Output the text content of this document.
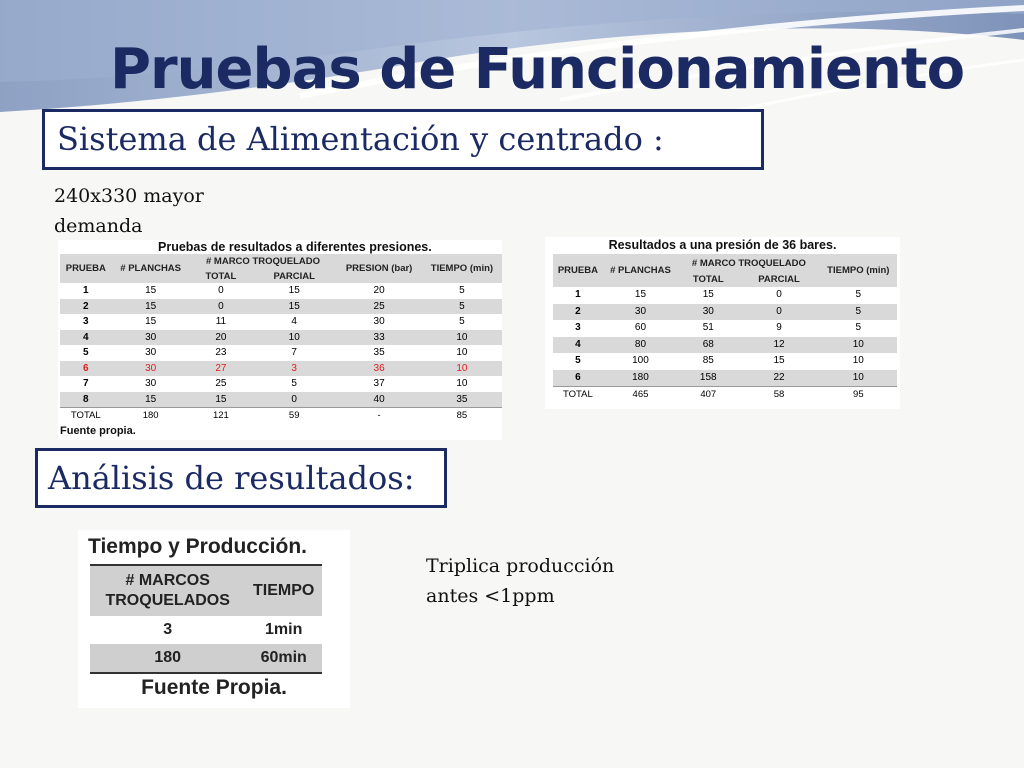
Pruebas de Funcionamiento
Sistema de Alimentación y centrado :
240x330 mayor
demanda
Pruebas de resultados a diferentes presiones.
PRUEBA	# PLANCHAS	# MARCO TROQUELADO		PRESION (bar)	TIEMPO (min)
		TOTAL	PARCIAL		
1	15	0	15	20	5
2	15	0	15	25	5
3	15	11	4	30	5
4	30	20	10	33	10
5	30	23	7	35	10
6	30	27	3	36	10
7	30	25	5	37	10
8	15	15	0	40	35
TOTAL	180	121	59	-	85
Fuente propia.
Resultados a una presión de 36 bares.
PRUEBA	# PLANCHAS	# MARCO TROQUELADO		TIEMPO (min)
		TOTAL	PARCIAL	
1	15	15	0	5
2	30	30	0	5
3	60	51	9	5
4	80	68	12	10
5	100	85	15	10
6	180	158	22	10
TOTAL	465	407	58	95
Análisis de resultados:
Tiempo y Producción.
# MARCOS
TROQUELADOS	TIEMPO
3	1min
180	60min
Fuente Propia.
Triplica producción
antes <1ppm
